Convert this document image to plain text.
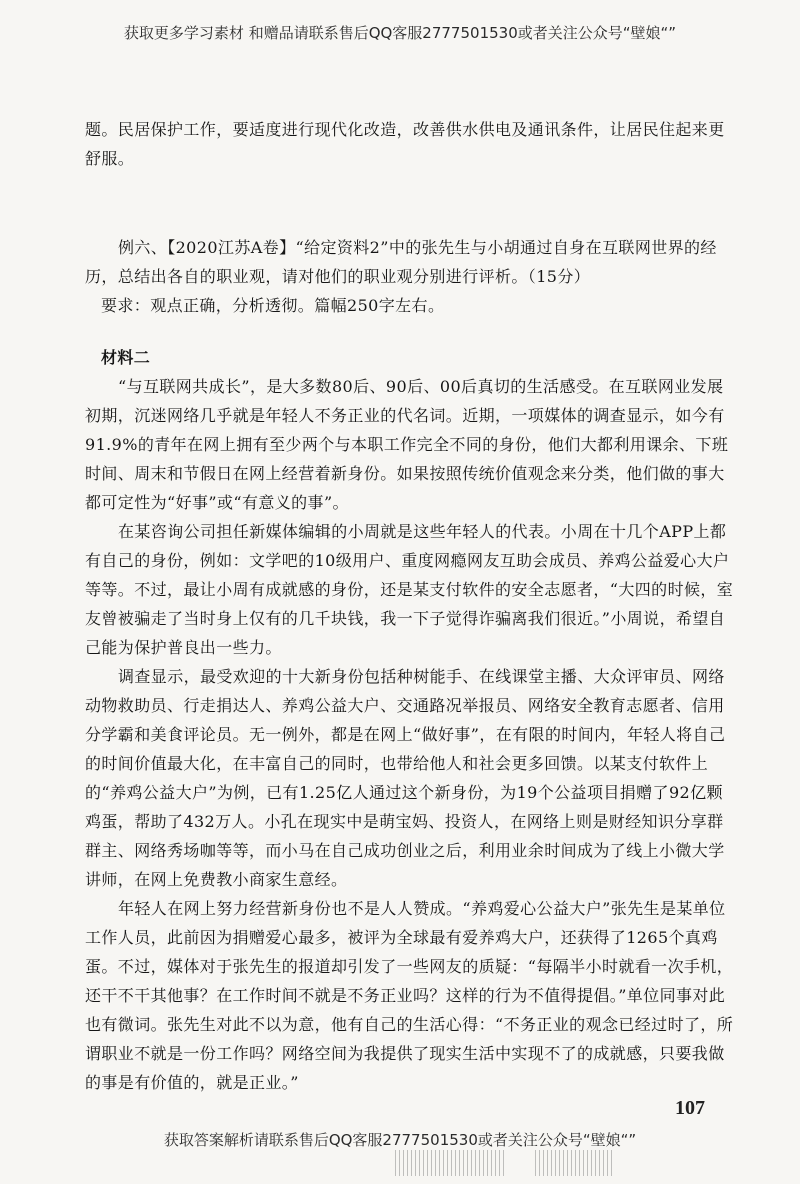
获取更多学习素材 和赠品请联系售后QQ客服2777501530或者关注公众号“壁娘“”

题。民居保护工作，要适度进行现代化改造，改善供水供电及通讯条件，让居民住起来更舒服。

例六、【2020江苏A卷】“给定资料2”中的张先生与小胡通过自身在互联网世界的经历，总结出各自的职业观，请对他们的职业观分别进行评析。（15分）

要求：观点正确，分析透彻。篇幅250字左右。

材料二

“与互联网共成长”，是大多数80后、90后、00后真切的生活感受。在互联网业发展初期，沉迷网络几乎就是年轻人不务正业的代名词。近期，一项媒体的调查显示，如今有91.9%的青年在网上拥有至少两个与本职工作完全不同的身份，他们大都利用课余、下班时间、周末和节假日在网上经营着新身份。如果按照传统价值观念来分类，他们做的事大都可定性为“好事”或“有意义的事”。

在某咨询公司担任新媒体编辑的小周就是这些年轻人的代表。小周在十几个APP上都有自己的身份，例如：文学吧的10级用户、重度网瘾网友互助会成员、养鸡公益爱心大户等等。不过，最让小周有成就感的身份，还是某支付软件的安全志愿者，“大四的时候，室友曾被骗走了当时身上仅有的几千块钱，我一下子觉得诈骗离我们很近。”小周说，希望自己能为保护普良出一些力。

调查显示，最受欢迎的十大新身份包括种树能手、在线课堂主播、大众评审员、网络动物救助员、行走捐达人、养鸡公益大户、交通路况举报员、网络安全教育志愿者、信用分学霸和美食评论员。无一例外，都是在网上“做好事”，在有限的时间内，年轻人将自己的时间价值最大化，在丰富自己的同时，也带给他人和社会更多回馈。以某支付软件上的“养鸡公益大户”为例，已有1.25亿人通过这个新身份，为19个公益项目捐赠了92亿颗鸡蛋，帮助了432万人。小孔在现实中是萌宝妈、投资人，在网络上则是财经知识分享群群主、网络秀场咖等等，而小马在自己成功创业之后，利用业余时间成为了线上小微大学讲师，在网上免费教小商家生意经。

年轻人在网上努力经营新身份也不是人人赞成。“养鸡爱心公益大户”张先生是某单位工作人员，此前因为捐赠爱心最多，被评为全球最有爱养鸡大户，还获得了1265个真鸡蛋。不过，媒体对于张先生的报道却引发了一些网友的质疑：“每隔半小时就看一次手机，还干不干其他事？在工作时间不就是不务正业吗？这样的行为不值得提倡。”单位同事对此也有微词。张先生对此不以为意，他有自己的生活心得：“不务正业的观念已经过时了，所谓职业不就是一份工作吗？网络空间为我提供了现实生活中实现不了的成就感，只要我做的事是有价值的，就是正业。”

107
获取答案解析请联系售后QQ客服2777501530或者关注公众号“壁娘“”
